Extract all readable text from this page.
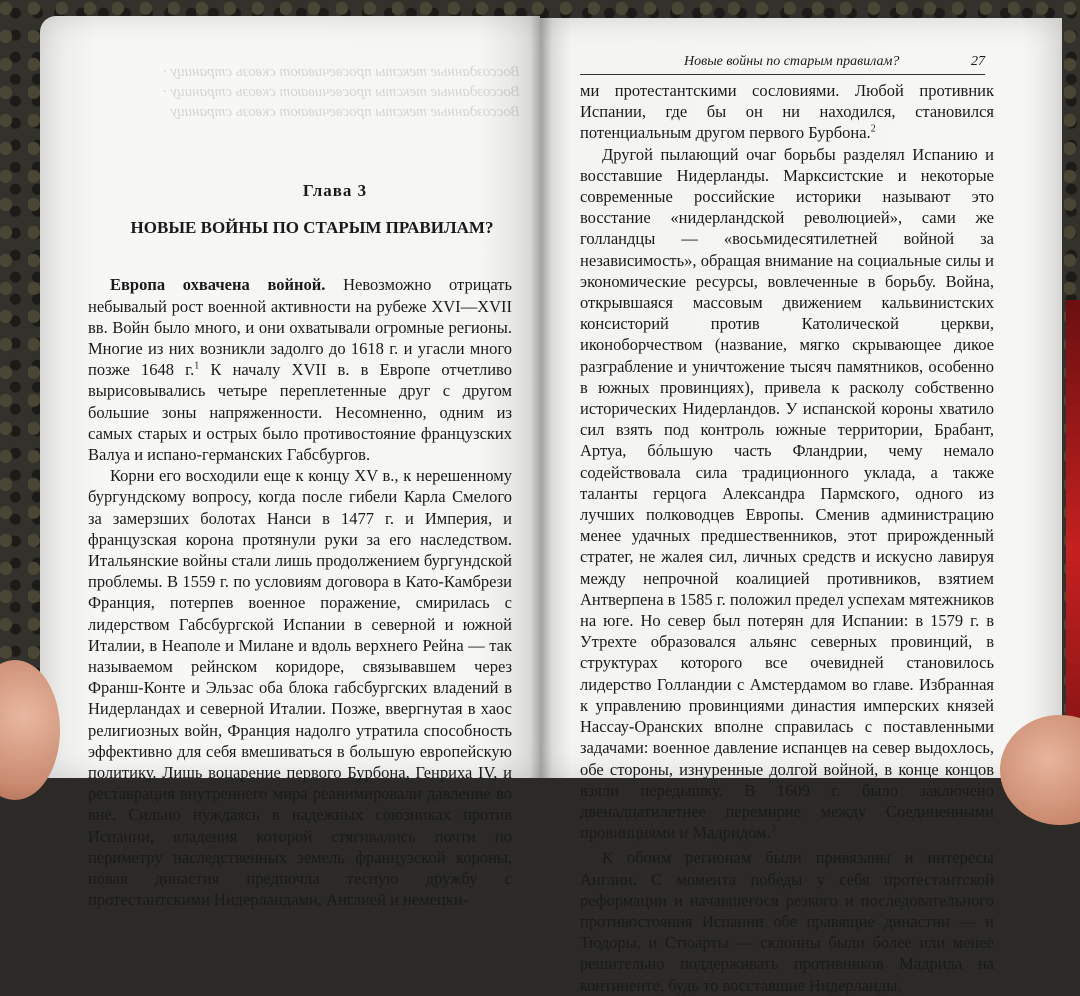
Воссозданные тексты просвечивают сквозь страницу · Воссозданные тексты просвечивают сквозь страницу · Воссозданные тексты просвечивают сквозь страницу
Глава 3
НОВЫЕ ВОЙНЫ ПО СТАРЫМ ПРАВИЛАМ?

Европа охвачена войной. Невозможно отрицать небывалый рост военной активности на рубеже XVI—XVII вв. Войн было много, и они охватывали огромные регионы. Многие из них возникли задолго до 1618 г. и угасли много позже 1648 г.$^1$ К началу XVII в. в Европе отчетливо вырисовывались четыре переплетенные друг с другом большие зоны напряженности. Несомненно, одним из самых старых и острых было противостояние французских Валуа и испано-германских Габсбургов.

Корни его восходили еще к концу XV в., к нерешенному бургундскому вопросу, когда после гибели Карла Смелого за замерзших болотах Нанси в 1477 г. и Империя, и французская корона протянули руки за его наследством. Итальянские войны стали лишь продолжением бургундской проблемы. В 1559 г. по условиям договора в Като-Камбрези Франция, потерпев военное поражение, смирилась с лидерством Габсбургской Испании в северной и южной Италии, в Неаполе и Милане и вдоль верхнего Рейна — так называемом рейнском коридоре, связывавшем через Франш-Конте и Эльзас оба блока габсбургских владений в Нидерландах и северной Италии. Позже, ввергнутая в хаос религиозных войн, Франция надолго утратила способность эффективно для себя вмешиваться в большую европейскую политику. Лишь воцарение первого Бурбона, Генриха IV, и реставрация внутреннего мира реанимировали давление во вне. Сильно нуждаясь в надежных союзниках против Испании, владения которой стягивались почти по периметру наследственных земель французской короны, новая династия предпочла тесную дружбу с протестантскими Нидерландами, Англией и немецки-

Новые войны по старым правилам?	27

ми протестантскими сословиями. Любой противник Испании, где бы он ни находился, становился потенциальным другом первого Бурбона.$^2$

Другой пылающий очаг борьбы разделял Испанию и восставшие Нидерланды. Марксистские и некоторые современные российские историки называют это восстание «нидерландской революцией», сами же голландцы — «восьмидесятилетней войной за независимость», обращая внимание на социальные силы и экономические ресурсы, вовлеченные в борьбу. Война, открывшаяся массовым движением кальвинистских консисторий против Католической церкви, иконоборчеством (название, мягко скрывающее дикое разграбление и уничтожение тысяч памятников, особенно в южных провинциях), привела к расколу собственно исторических Нидерландов. У испанской короны хватило сил взять под контроль южные территории, Брабант, Артуа, бóльшую часть Фландрии, чему немало содействовала сила традиционного уклада, а также таланты герцога Александра Пармского, одного из лучших полководцев Европы. Сменив администрацию менее удачных предшественников, этот прирожденный стратег, не жалея сил, личных средств и искусно лавируя между непрочной коалицией противников, взятием Антверпена в 1585 г. положил предел успехам мятежников на юге. Но север был потерян для Испании: в 1579 г. в Утрехте образовался альянс северных провинций, в структурах которого все очевидней становилось лидерство Голландии с Амстердамом во главе. Избранная к управлению провинциями династия имперских князей Нассау-Оранских вполне справилась с поставленными задачами: военное давление испанцев на север выдохлось, обе стороны, изнуренные долгой войной, в конце концов взяли передышку. В 1609 г. было заключено двенадцатилетнее перемирие между Соединенными провинциями и Мадридом.$^3$

К обоим регионам были привязаны и интересы Англии. С момента победы у себя протестантской реформации и начавшегося резкого и последовательного противостояния Испании обе правящие династии — и Тюдоры, и Стюарты — склонны были более или менее решительно поддерживать противников Мадрида на континенте, будь то восставшие Нидерланды,
